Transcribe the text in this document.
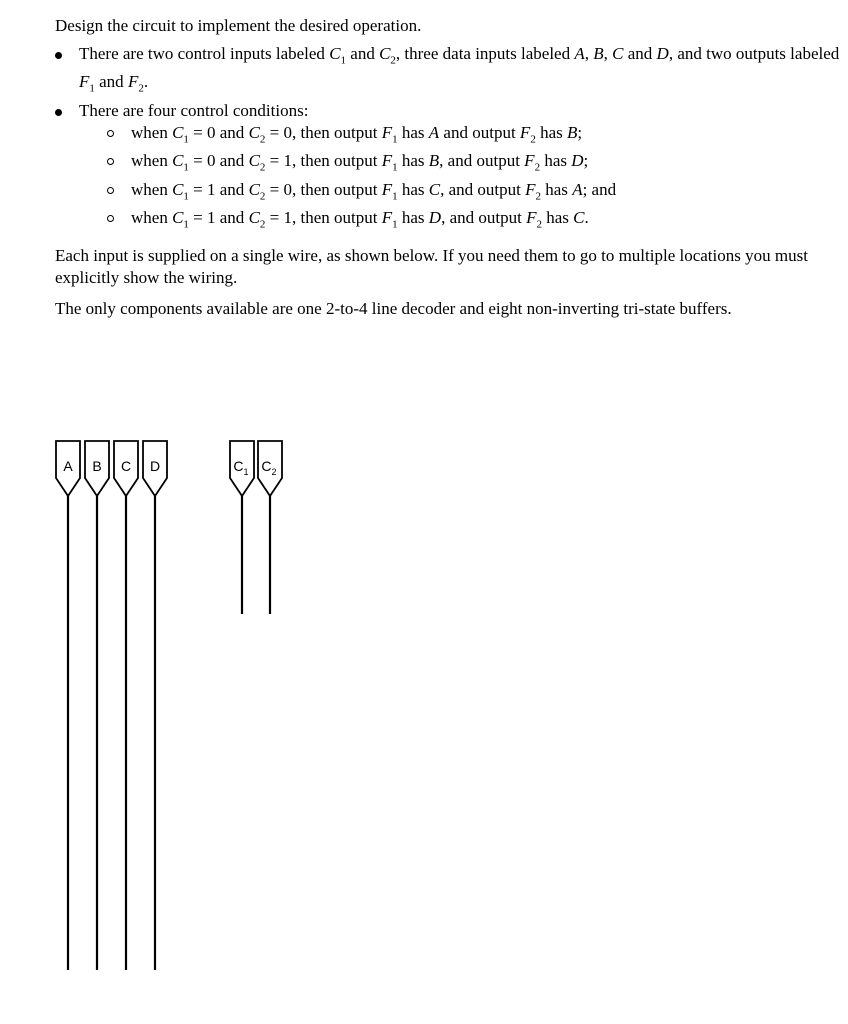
Design the circuit to implement the desired operation.

There are two control inputs labeled $C_1$ and $C_2$, three data inputs labeled A, B, C and D, and two outputs labeled $F_1$ and $F_2$.
There are four control conditions:
when $C_1 = 0$ and $C_2 = 0$, then output $F_1$ has A and output $F_2$ has B;
when $C_1 = 0$ and $C_2 = 1$, then output $F_1$ has B, and output $F_2$ has D;
when $C_1 = 1$ and $C_2 = 0$, then output $F_1$ has C, and output $F_2$ has A; and
when $C_1 = 1$ and $C_2 = 1$, then output $F_1$ has D, and output $F_2$ has C.

Each input is supplied on a single wire, as shown below. If you need them to go to multiple locations you must explicitly show the wiring.

The only components available are one 2-to-4 line decoder and eight non-inverting tri-state buffers.

A B C D	$C_1$ $C_2$
